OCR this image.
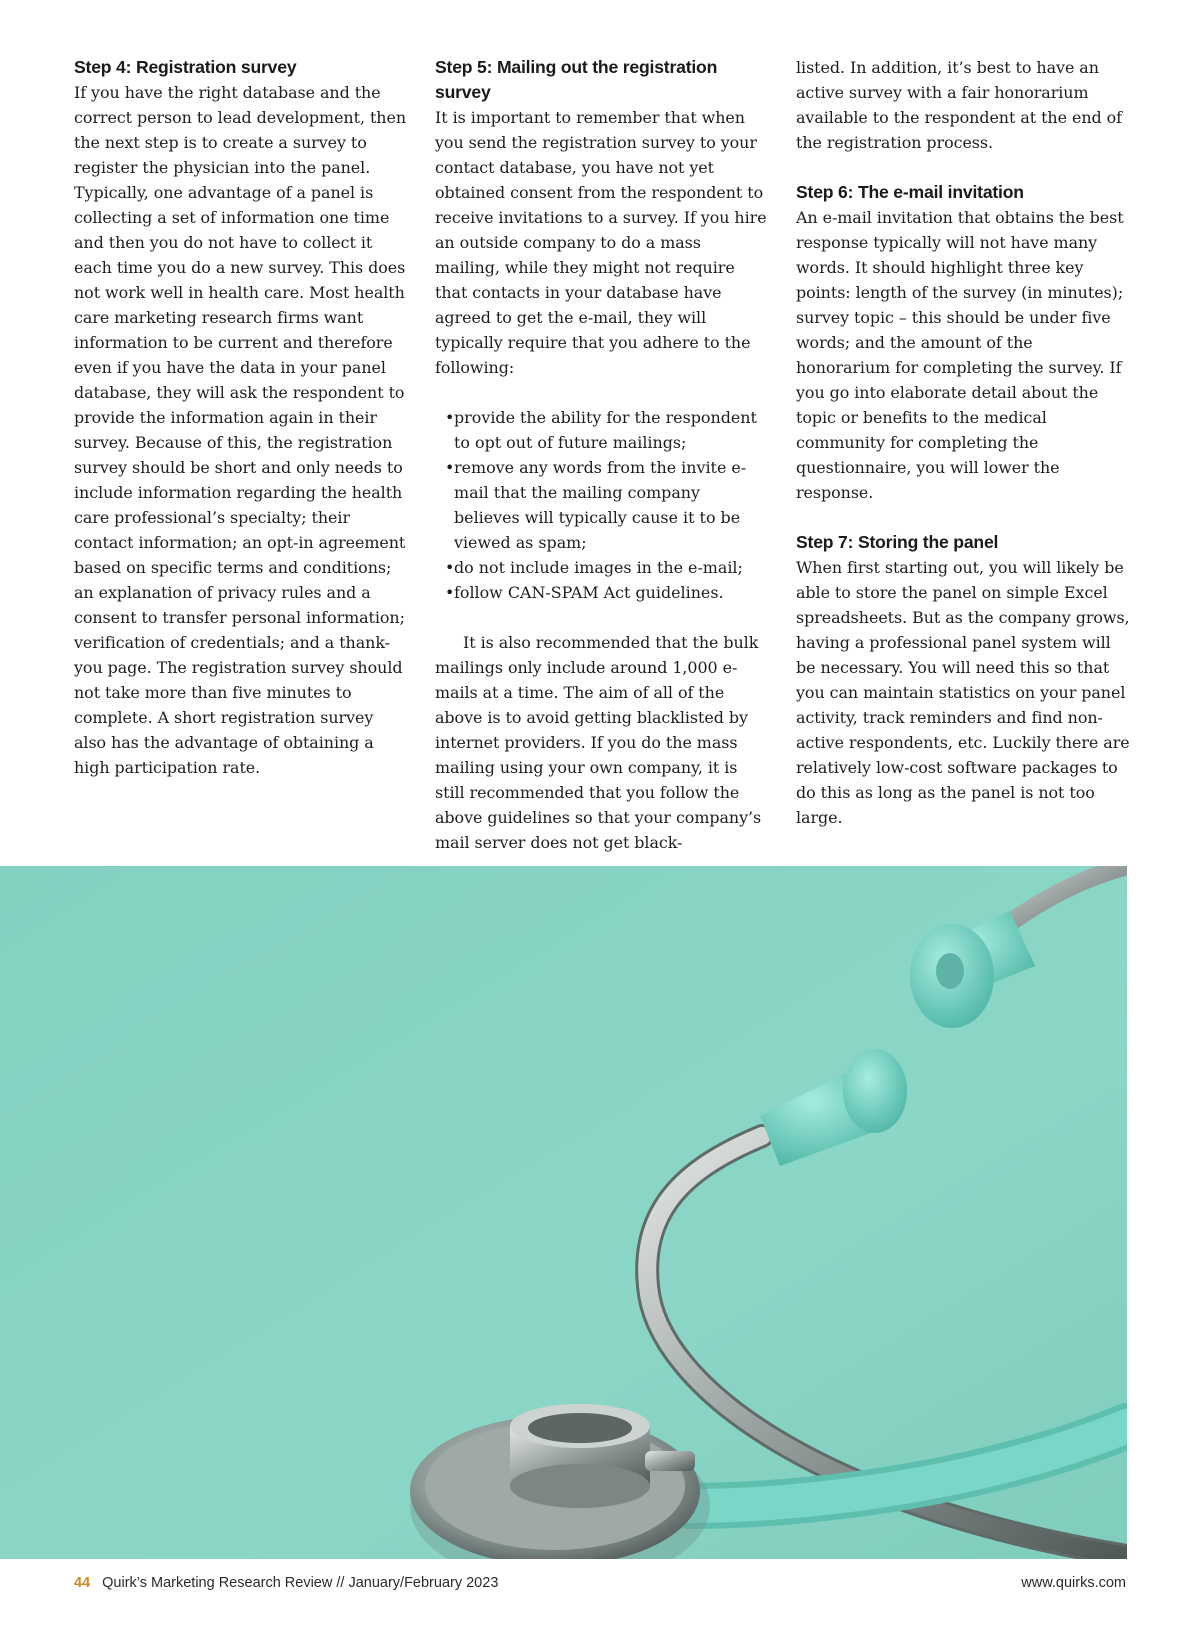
Step 4: Registration survey

If you have the right database and the correct person to lead development, then the next step is to create a survey to register the physician into the panel. Typically, one advantage of a panel is collecting a set of information one time and then you do not have to collect it each time you do a new survey. This does not work well in health care. Most health care marketing research firms want information to be current and therefore even if you have the data in your panel database, they will ask the respondent to provide the information again in their survey. Because of this, the registration survey should be short and only needs to include information regarding the health care professional’s specialty; their contact information; an opt-in agreement based on specific terms and conditions; an explanation of privacy rules and a consent to transfer personal information; verification of credentials; and a thank-you page. The registration survey should not take more than five minutes to complete. A short registration survey also has the advantage of obtaining a high participation rate.

Step 5: Mailing out the registration survey

It is important to remember that when you send the registration survey to your contact database, you have not yet obtained consent from the respondent to receive invitations to a survey. If you hire an outside company to do a mass mailing, while they might not require that contacts in your database have agreed to get the e-mail, they will typically require that you adhere to the following:

• provide the ability for the respondent to opt out of future mailings;
• remove any words from the invite e-mail that the mailing company believes will typically cause it to be viewed as spam;
• do not include images in the e-mail;
• follow CAN-SPAM Act guidelines.

It is also recommended that the bulk mailings only include around 1,000 e-mails at a time. The aim of all of the above is to avoid getting blacklisted by internet providers. If you do the mass mailing using your own company, it is still recommended that you follow the above guidelines so that your company’s mail server does not get black-

listed. In addition, it’s best to have an active survey with a fair honorarium available to the respondent at the end of the registration process.

Step 6: The e-mail invitation

An e-mail invitation that obtains the best response typically will not have many words. It should highlight three key points: length of the survey (in minutes); survey topic – this should be under five words; and the amount of the honorarium for completing the survey. If you go into elaborate detail about the topic or benefits to the medical community for completing the questionnaire, you will lower the response.

Step 7: Storing the panel

When first starting out, you will likely be able to store the panel on simple Excel spreadsheets. But as the company grows, having a professional panel system will be necessary. You will need this so that you can maintain statistics on your panel activity, track reminders and find non-active respondents, etc. Luckily there are relatively low-cost software packages to do this as long as the panel is not too large.

44 Quirk’s Marketing Research Review // January/February 2023	www.quirks.com
